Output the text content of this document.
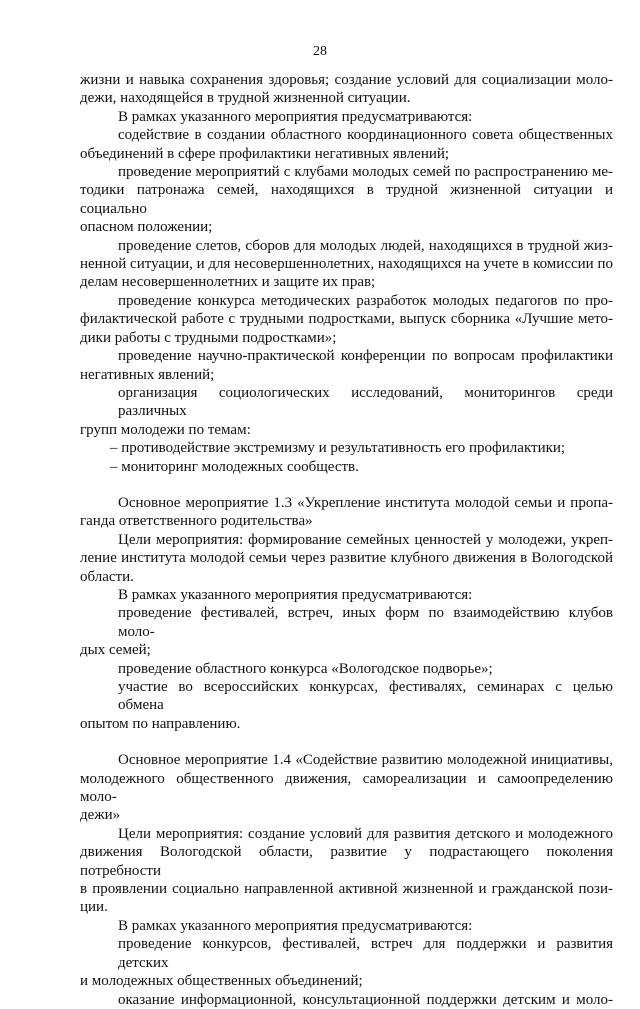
28
жизни и навыка сохранения здоровья; создание условий для социализации моло-
дежи, находящейся в трудной жизненной ситуации.
В рамках указанного мероприятия предусматриваются:
содействие в создании областного координационного совета общественных
объединений в сфере профилактики негативных явлений;
проведение мероприятий с клубами молодых семей по распространению ме-
тодики патронажа семей, находящихся в трудной жизненной ситуации и социально
опасном положении;
проведение слетов, сборов для молодых людей, находящихся в трудной жиз-
ненной ситуации, и для несовершеннолетних, находящихся на учете в комиссии по
делам несовершеннолетних и защите их прав;
проведение конкурса методических разработок молодых педагогов по про-
филактической работе с трудными подростками, выпуск сборника «Лучшие мето-
дики работы с трудными подростками»;
проведение научно-практической конференции по вопросам профилактики
негативных явлений;
организация социологических исследований, мониторингов среди различных
групп молодежи по темам:
– противодействие экстремизму и результативность его профилактики;
– мониторинг молодежных сообществ.
Основное мероприятие 1.3 «Укрепление института молодой семьи и пропа-
ганда ответственного родительства»
Цели мероприятия: формирование семейных ценностей у молодежи, укреп-
ление института молодой семьи через развитие клубного движения в Вологодской
области.
В рамках указанного мероприятия предусматриваются:
проведение фестивалей, встреч, иных форм по взаимодействию клубов моло-
дых семей;
проведение областного конкурса «Вологодское подворье»;
участие во всероссийских конкурсах, фестивалях, семинарах с целью обмена
опытом по направлению.
Основное мероприятие 1.4 «Содействие развитию молодежной инициативы,
молодежного общественного движения, самореализации и самоопределению моло-
дежи»
Цели мероприятия: создание условий для развития детского и молодежного
движения Вологодской области, развитие у подрастающего поколения потребности
в проявлении социально направленной активной жизненной и гражданской пози-
ции.
В рамках указанного мероприятия предусматриваются:
проведение конкурсов, фестивалей, встреч для поддержки и развития детских
и молодежных общественных объединений;
оказание информационной, консультационной поддержки детским и моло-
